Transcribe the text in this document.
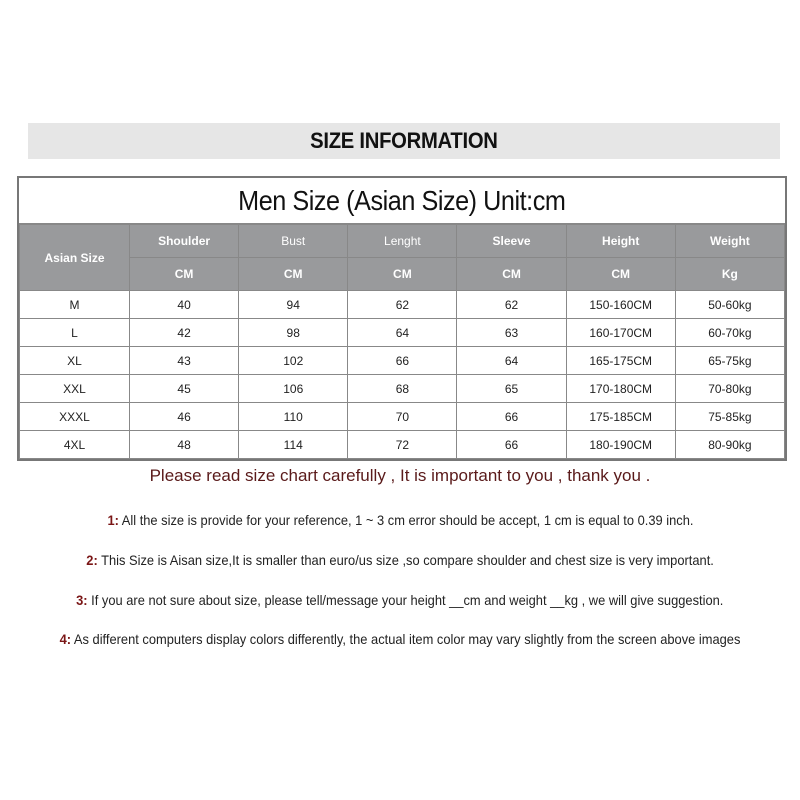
SIZE INFORMATION
Men Size (Asian Size) Unit:cm
Asian Size	Shoulder	Bust	Lenght	Sleeve	Height	Weight
	CM	CM	CM	CM	CM	Kg
M	40	94	62	62	150-160CM	50-60kg
L	42	98	64	63	160-170CM	60-70kg
XL	43	102	66	64	165-175CM	65-75kg
XXL	45	106	68	65	170-180CM	70-80kg
XXXL	46	110	70	66	175-185CM	75-85kg
4XL	48	114	72	66	180-190CM	80-90kg

Please read size chart carefully , It is important to you , thank you .

1: All the size is provide for your reference, 1 ~ 3 cm error should be accept, 1 cm is equal to 0.39 inch.
2: This Size is Aisan size,It is smaller than euro/us size ,so compare shoulder and chest size is very important.
3: If you are not sure about size, please tell/message your height __cm and weight __kg , we will give suggestion.
4: As different computers display colors differently, the actual item color may vary slightly from the screen above images
